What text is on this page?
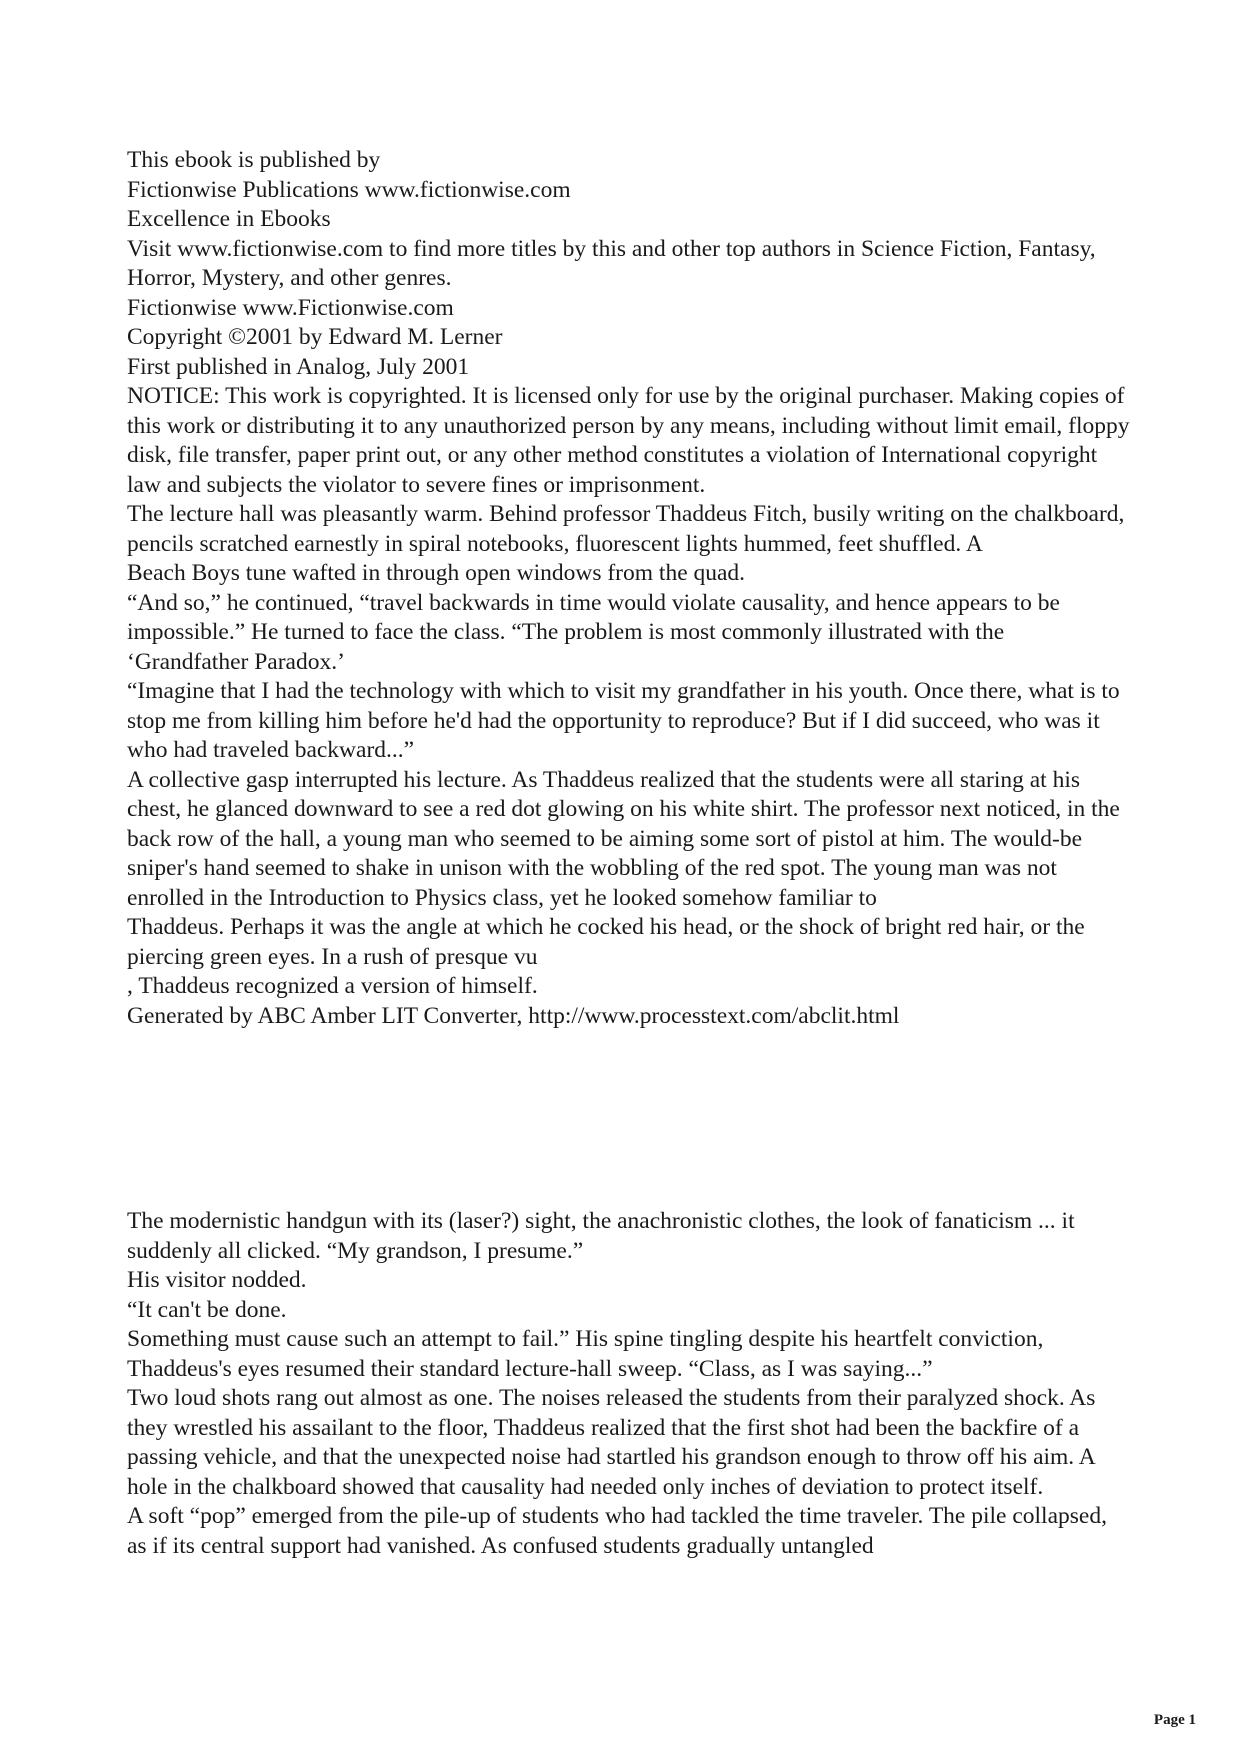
This ebook is published by

Fictionwise Publications www.fictionwise.com

Excellence in Ebooks

Visit www.fictionwise.com to find more titles by this and other top authors in Science Fiction, Fantasy, Horror, Mystery, and other genres.

Fictionwise www.Fictionwise.com

Copyright ©2001 by Edward M. Lerner

First published in Analog, July 2001

NOTICE: This work is copyrighted. It is licensed only for use by the original purchaser. Making copies of this work or distributing it to any unauthorized person by any means, including without limit email, floppy disk, file transfer, paper print out, or any other method constitutes a violation of International copyright law and subjects the violator to severe fines or imprisonment.

The lecture hall was pleasantly warm. Behind professor Thaddeus Fitch, busily writing on the chalkboard, pencils scratched earnestly in spiral notebooks, fluorescent lights hummed, feet shuffled. A

Beach Boys tune wafted in through open windows from the quad.

“And so,” he continued, “travel backwards in time would violate causality, and hence appears to be impossible.” He turned to face the class. “The problem is most commonly illustrated with the

‘Grandfather Paradox.’

“Imagine that I had the technology with which to visit my grandfather in his youth. Once there, what is to stop me from killing him before he'd had the opportunity to reproduce? But if I did succeed, who was it who had traveled backward...”

A collective gasp interrupted his lecture. As Thaddeus realized that the students were all staring at his chest, he glanced downward to see a red dot glowing on his white shirt. The professor next noticed, in the back row of the hall, a young man who seemed to be aiming some sort of pistol at him. The would-be sniper's hand seemed to shake in unison with the wobbling of the red spot. The young man was not enrolled in the Introduction to Physics class, yet he looked somehow familiar to

Thaddeus. Perhaps it was the angle at which he cocked his head, or the shock of bright red hair, or the piercing green eyes. In a rush of presque vu

, Thaddeus recognized a version of himself.

Generated by ABC Amber LIT Converter, http://www.processtext.com/abclit.html

The modernistic handgun with its (laser?) sight, the anachronistic clothes, the look of fanaticism ... it suddenly all clicked. “My grandson, I presume.”

His visitor nodded.

“It can't be done.

Something must cause such an attempt to fail.” His spine tingling despite his heartfelt conviction, Thaddeus's eyes resumed their standard lecture-hall sweep. “Class, as I was saying...”

Two loud shots rang out almost as one. The noises released the students from their paralyzed shock. As they wrestled his assailant to the floor, Thaddeus realized that the first shot had been the backfire of a passing vehicle, and that the unexpected noise had startled his grandson enough to throw off his aim. A

hole in the chalkboard showed that causality had needed only inches of deviation to protect itself.

A soft “pop” emerged from the pile-up of students who had tackled the time traveler. The pile collapsed, as if its central support had vanished. As confused students gradually untangled

Page 1
